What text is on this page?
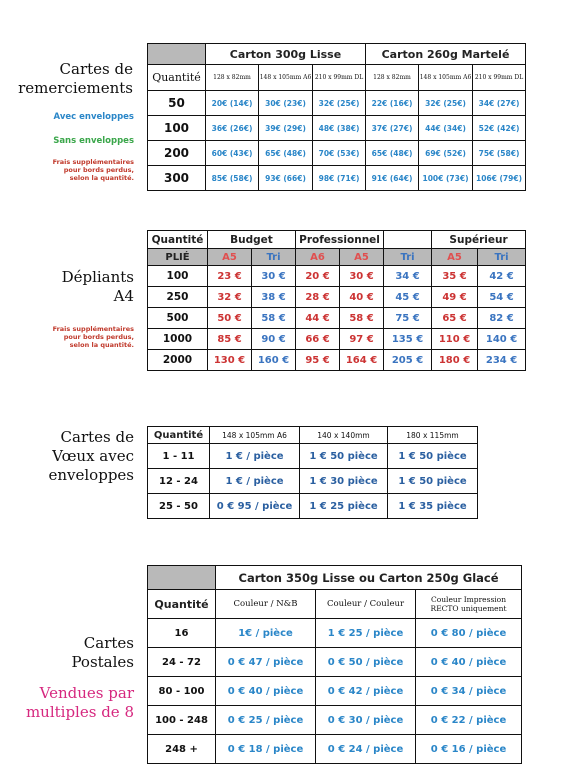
Cartes de
remerciements
Avec enveloppes
Sans enveloppes
Frais supplémentaires
pour bords perdus,
selon la quantité.
	Carton 300g Lisse			Carton 260g Martelé		
Quantité	128 x 82mm	148 x 105mm A6	210 x 99mm DL	128 x 82mm	148 x 105mm A6	210 x 99mm DL
50	20€ (14€)	30€ (23€)	32€ (25€)	22€ (16€)	32€ (25€)	34€ (27€)
100	36€ (26€)	39€ (29€)	48€ (38€)	37€ (27€)	44€ (34€)	52€ (42€)
200	60€ (43€)	65€ (48€)	70€ (53€)	65€ (48€)	69€ (52€)	75€ (58€)
300	85€ (58€)	93€ (66€)	98€ (71€)	91€ (64€)	100€ (73€)	106€ (79€)
Dépliants
A4
Frais supplémentaires
pour bords perdus,
selon la quantité.
Quantité	Budget		Professionnel			Supérieur	
PLIÉ	A5	Tri	A6	A5	Tri	A5	Tri
100	23 €	30 €	20 €	30 €	34 €	35 €	42 €
250	32 €	38 €	28 €	40 €	45 €	49 €	54 €
500	50 €	58 €	44 €	58 €	75 €	65 €	82 €
1000	85 €	90 €	66 €	97 €	135 €	110 €	140 €
2000	130 €	160 €	95 €	164 €	205 €	180 €	234 €
Cartes de
Vœux avec
enveloppes
Quantité	148 x 105mm A6	140 x 140mm	180 x 115mm
1 - 11	1 € / pièce	1 € 50 pièce	1 € 50 pièce
12 - 24	1 € / pièce	1 € 30 pièce	1 € 50 pièce
25 - 50	0 € 95 / pièce	1 € 25 pièce	1 € 35 pièce
Cartes
Postales
Vendues par
multiples de 8
	Carton 350g Lisse ou Carton 250g Glacé		
Quantité	Couleur / N&B	Couleur / Couleur	Couleur Impression RECTO uniquement
16	1€ / pièce	1 € 25 / pièce	0 € 80 / pièce
24 - 72	0 € 47 / pièce	0 € 50 / pièce	0 € 40 / pièce
80 - 100	0 € 40 / pièce	0 € 42 / pièce	0 € 34 / pièce
100 - 248	0 € 25 / pièce	0 € 30 / pièce	0 € 22 / pièce
248 +	0 € 18 / pièce	0 € 24 / pièce	0 € 16 / pièce
